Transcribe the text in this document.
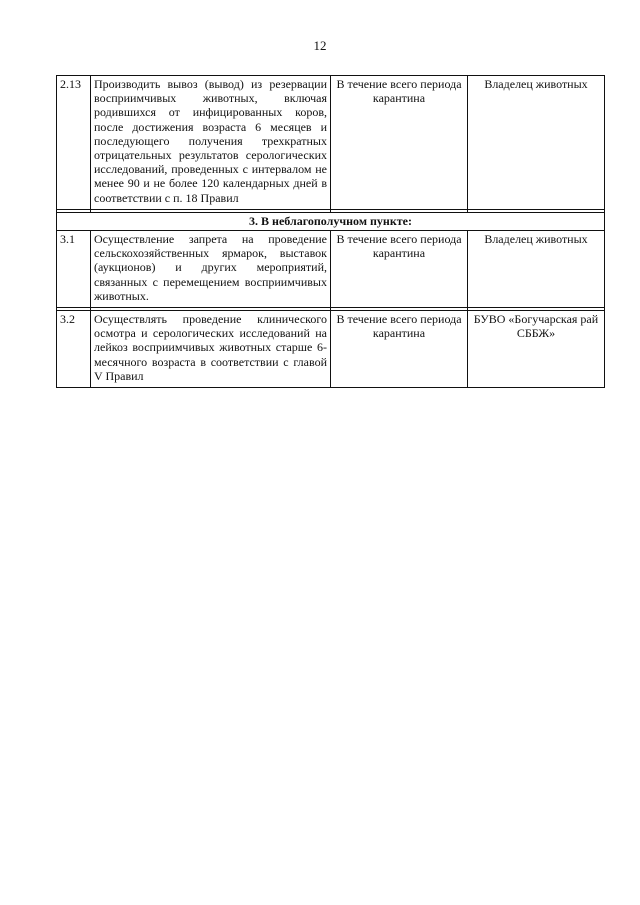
12
2.13	Производить вывоз (вывод) из резервации восприимчивых животных, включая родившихся от инфицированных коров, после достижения возраста 6 месяцев и последующего получения трехкратных отрицательных результатов серологических исследований, проведенных с интервалом не менее 90 и не более 120 календарных дней в соответствии с п. 18 Правил	В течение всего периода карантина	Владелец животных

3. В неблагополучном пункте:			
3.1	Осуществление запрета на проведение сельскохозяйственных ярмарок, выставок (аукционов) и других мероприятий, связанных с перемещением восприимчивых животных.	В течение всего периода карантина	Владелец животных

3.2	Осуществлять проведение клинического осмотра и серологических исследований на лейкоз восприимчивых животных старше 6-месячного возраста в соответствии с главой V Правил	В течение всего периода карантина	БУВО «Богучарская рай СББЖ»
